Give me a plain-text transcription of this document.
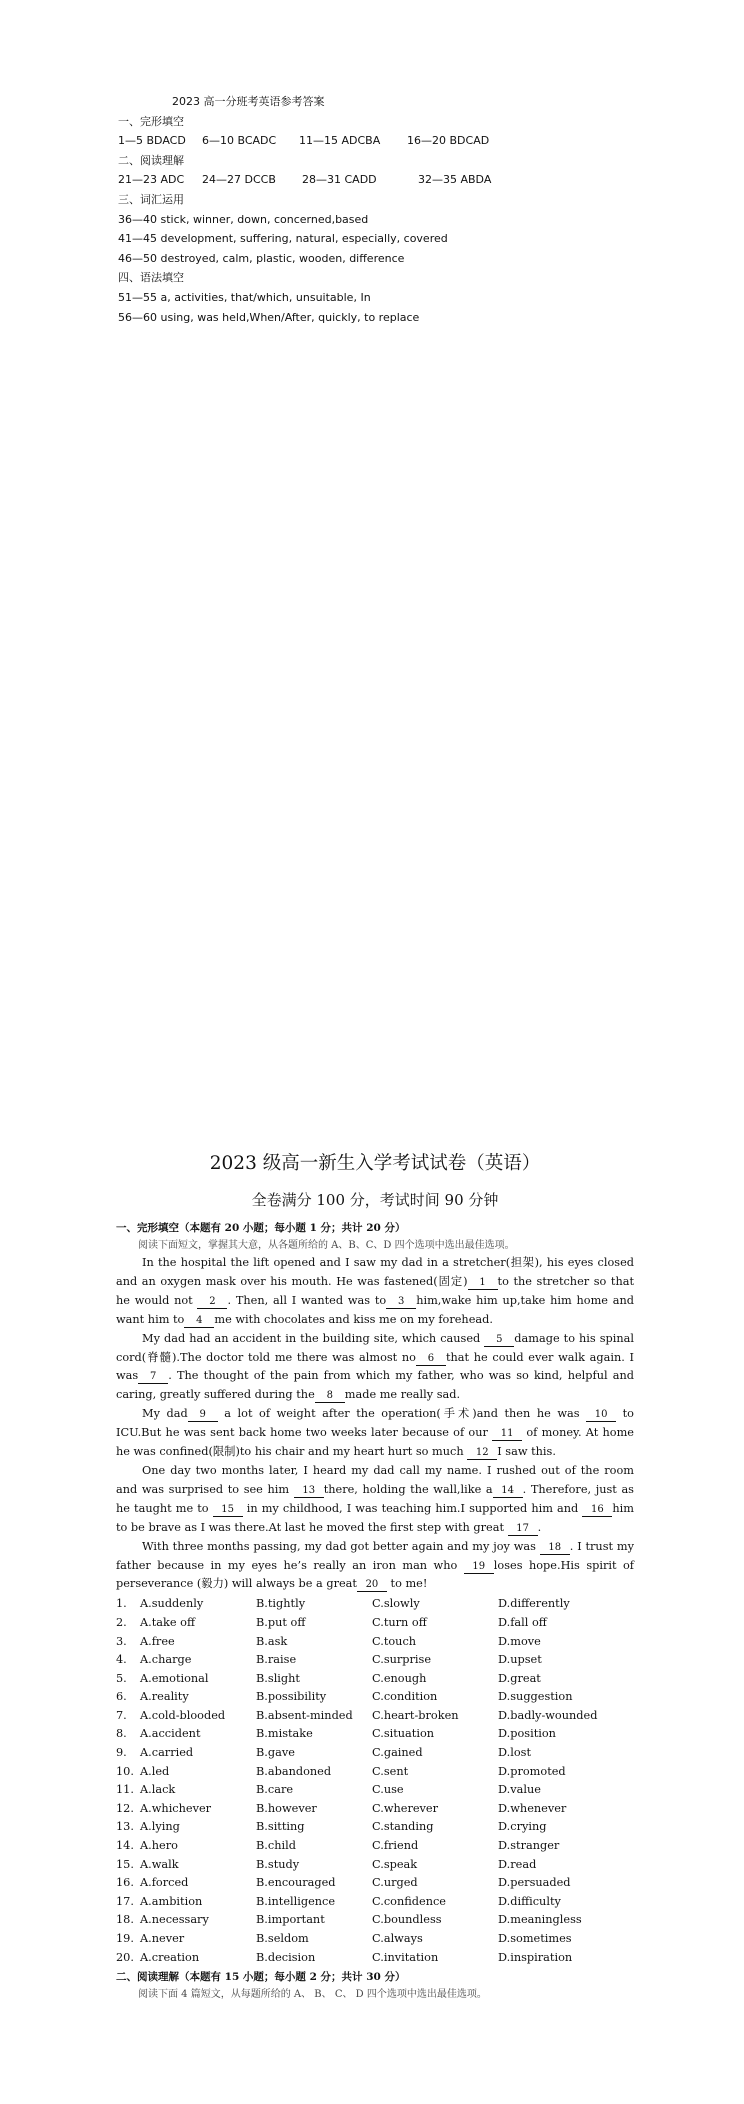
2023 高一分班考英语参考答案
一、完形填空
1—5 BDACD 6—10 BCADC 11—15 ADCBA 16—20 BDCAD
二、阅读理解
21—23 ADC 24—27 DCCB 28—31 CADD	32—35 ABDA
三、词汇运用
36—40 stick, winner, down, concerned,based
41—45 development, suffering, natural, especially, covered
46—50 destroyed, calm, plastic, wooden, difference
四、语法填空
51—55 a, activities, that/which, unsuitable, In
56—60 using, was held,When/After, quickly, to replace
2023 级高一新生入学考试试卷（英语）
全卷满分 100 分，考试时间 90 分钟
一、完形填空（本题有 20 小题；每小题 1 分；共计 20 分）
阅读下面短文，掌握其大意，从各题所给的 A、B、C、D 四个选项中选出最佳选项。

In the hospital the lift opened and I saw my dad in a stretcher(担架), his eyes closed and an oxygen mask over his mouth. He was fastened(固定) 1 to the stretcher so that he would not 2 . Then, all I wanted was to 3 him,wake him up,take him home and want him to 4 me with chocolates and kiss me on my forehead.

My dad had an accident in the building site, which caused 5 damage to his spinal cord(脊髓).The doctor told me there was almost no 6 that he could ever walk again. I was 7 . The thought of the pain from which my father, who was so kind, helpful and caring, greatly suffered during the 8 made me really sad.

My dad 9 a lot of weight after the operation(手术)and then he was 10 to ICU.But he was sent back home two weeks later because of our 11 of money. At home he was confined(限制)to his chair and my heart hurt so much 12 I saw this.

One day two months later, I heard my dad call my name. I rushed out of the room and was surprised to see him 13 there, holding the wall,like a 14 . Therefore, just as he taught me to 15 in my childhood, I was teaching him.I supported him and 16 him to be brave as I was there.At last he moved the first step with great 17 .

With three months passing, my dad got better again and my joy was 18 . I trust my father because in my eyes he’s really an iron man who 19 loses hope.His spirit of perseverance (毅力) will always be a great 20 to me!

1.	A.suddenly	B.tightly	C.slowly	D.differently
2.	A.take off	B.put off	C.turn off	D.fall off
3.	A.free	B.ask	C.touch	D.move
4.	A.charge	B.raise	C.surprise	D.upset
5.	A.emotional	B.slight	C.enough	D.great
6.	A.reality	B.possibility	C.condition	D.suggestion
7.	A.cold-blooded	B.absent-minded	C.heart-broken	D.badly-wounded
8.	A.accident	B.mistake	C.situation	D.position
9.	A.carried	B.gave	C.gained	D.lost
10. A.led	B.abandoned	C.sent	D.promoted
11. A.lack	B.care	C.use	D.value
12. A.whichever	B.however	C.wherever	D.whenever
13. A.lying	B.sitting	C.standing	D.crying
14. A.hero	B.child	C.friend	D.stranger
15. A.walk	B.study	C.speak	D.read
16. A.forced	B.encouraged	C.urged	D.persuaded
17. A.ambition	B.intelligence	C.confidence	D.difficulty
18. A.necessary	B.important	C.boundless	D.meaningless
19. A.never	B.seldom	C.always	D.sometimes
20. A.creation	B.decision	C.invitation	D.inspiration
二、阅读理解（本题有 15 小题；每小题 2 分；共计 30 分）
阅读下面 4 篇短文，从每题所给的 A、 B、 C、 D 四个选项中选出最佳选项。
